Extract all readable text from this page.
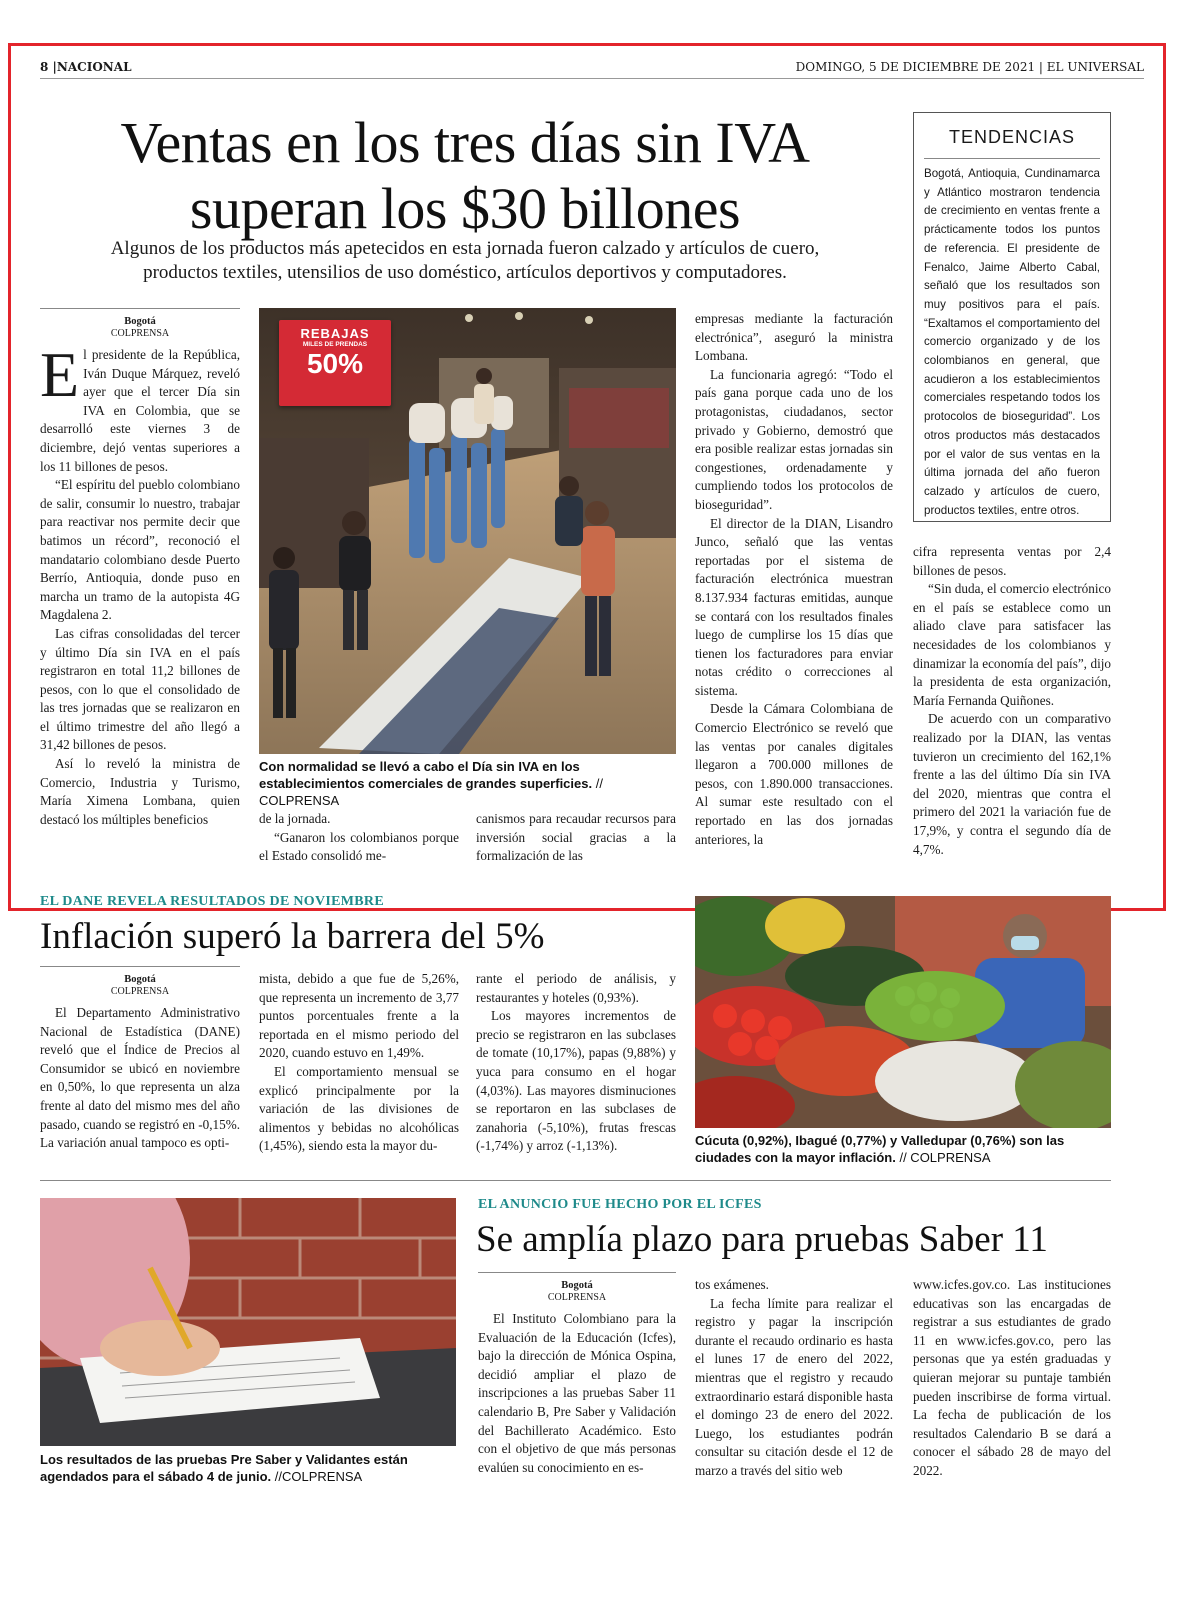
8 |NACIONAL	DOMINGO, 5 DE DICIEMBRE DE 2021 | EL UNIVERSAL
Ventas en los tres días sin IVA
superan los $30 billones
Algunos de los productos más apetecidos en esta jornada fueron calzado y artículos de cuero,
productos textiles, utensilios de uso doméstico, artículos deportivos y computadores.
TENDENCIAS
Bogotá, Antioquia, Cundinamarca y Atlántico mostraron tendencia de crecimiento en ventas frente a prácticamente todos los puntos de referencia. El presidente de Fenalco, Jaime Alberto Cabal, señaló que los resultados son muy positivos para el país. “Exaltamos el comportamiento del comercio organizado y de los colombianos en general, que acudieron a los establecimientos comerciales respetando todos los protocolos de bioseguridad”. Los otros productos más destacados por el valor de sus ventas en la última jornada del año fueron calzado y artículos de cuero, productos textiles, entre otros.
Bogotá
COLPRENSA

El presidente de la República, Iván Duque Márquez, reveló ayer que el tercer Día sin IVA en Colombia, que se desarrolló este viernes 3 de diciembre, dejó ventas superiores a los 11 billones de pesos.

“El espíritu del pueblo colombiano de salir, consumir lo nuestro, trabajar para reactivar nos permite decir que batimos un récord”, reconoció el mandatario colombiano desde Puerto Berrío, Antioquia, donde puso en marcha un tramo de la autopista 4G Magdalena 2.

Las cifras consolidadas del tercer y último Día sin IVA en el país registraron en total 11,2 billones de pesos, con lo que el consolidado de las tres jornadas que se realizaron en el último trimestre del año llegó a 31,42 billones de pesos.

Así lo reveló la ministra de Comercio, Industria y Turismo, María Ximena Lombana, quien destacó los múltiples beneficios

REBAJAS
MILES DE PRENDAS
50%
Con normalidad se llevó a cabo el Día sin IVA en los establecimientos comerciales de grandes superficies. // COLPRENSA

de la jornada.

“Ganaron los colombianos porque el Estado consolidó me-

canismos para recaudar recursos para inversión social gracias a la formalización de las

empresas mediante la facturación electrónica”, aseguró la ministra Lombana.

La funcionaria agregó: “Todo el país gana porque cada uno de los protagonistas, ciudadanos, sector privado y Gobierno, demostró que era posible realizar estas jornadas sin congestiones, ordenadamente y cumpliendo todos los protocolos de bioseguridad”.

El director de la DIAN, Lisandro Junco, señaló que las ventas reportadas por el sistema de facturación electrónica muestran 8.137.934 facturas emitidas, aunque se contará con los resultados finales luego de cumplirse los 15 días que tienen los facturadores para enviar notas crédito o correcciones al sistema.

Desde la Cámara Colombiana de Comercio Electrónico se reveló que las ventas por canales digitales llegaron a 700.000 millones de pesos, con 1.890.000 transacciones. Al sumar este resultado con el reportado en las dos jornadas anteriores, la

cifra representa ventas por 2,4 billones de pesos.

“Sin duda, el comercio electrónico en el país se establece como un aliado clave para satisfacer las necesidades de los colombianos y dinamizar la economía del país”, dijo la presidenta de esta organización, María Fernanda Quiñones.

De acuerdo con un comparativo realizado por la DIAN, las ventas tuvieron un crecimiento del 162,1% frente a las del último Día sin IVA del 2020, mientras que contra el primero del 2021 la variación fue de 17,9%, y contra el segundo día de 4,7%.

EL DANE REVELA RESULTADOS DE NOVIEMBRE
Inflación superó la barrera del 5%
Bogotá
COLPRENSA

El Departamento Administrativo Nacional de Estadística (DANE) reveló que el Índice de Precios al Consumidor se ubicó en noviembre en 0,50%, lo que representa un alza frente al dato del mismo mes del año pasado, cuando se registró en -0,15%. La variación anual tampoco es opti-

mista, debido a que fue de 5,26%, que representa un incremento de 3,77 puntos porcentuales frente a la reportada en el mismo periodo del 2020, cuando estuvo en 1,49%.

El comportamiento mensual se explicó principalmente por la variación de las divisiones de alimentos y bebidas no alcohólicas (1,45%), siendo esta la mayor du-

rante el periodo de análisis, y restaurantes y hoteles (0,93%).

Los mayores incrementos de precio se registraron en las subclases de tomate (10,17%), papas (9,88%) y yuca para consumo en el hogar (4,03%). Las mayores disminuciones se reportaron en las subclases de zanahoria (-5,10%), frutas frescas (-1,74%) y arroz (-1,13%).	Cúcuta (0,92%), Ibagué (0,77%) y Valledupar (0,76%) son las ciudades con la mayor inflación. // COLPRENSA
Los resultados de las pruebas Pre Saber y Validantes están agendados para el sábado 4 de junio. //COLPRENSA
EL ANUNCIO FUE HECHO POR EL ICFES
Se amplía plazo para pruebas Saber 11
Bogotá
COLPRENSA

El Instituto Colombiano para la Evaluación de la Educación (Icfes), bajo la dirección de Mónica Ospina, decidió ampliar el plazo de inscripciones a las pruebas Saber 11 calendario B, Pre Saber y Validación del Bachillerato Académico. Esto con el objetivo de que más personas evalúen su conocimiento en es-

tos exámenes.

La fecha límite para realizar el registro y pagar la inscripción durante el recaudo ordinario es hasta el lunes 17 de enero del 2022, mientras que el registro y recaudo extraordinario estará disponible hasta el domingo 23 de enero del 2022. Luego, los estudiantes podrán consultar su citación desde el 12 de marzo a través del sitio web

www.icfes.gov.co. Las instituciones educativas son las encargadas de registrar a sus estudiantes de grado 11 en www.icfes.gov.co, pero las personas que ya estén graduadas y quieran mejorar su puntaje también pueden inscribirse de forma virtual. La fecha de publicación de los resultados Calendario B se dará a conocer el sábado 28 de mayo del 2022.
